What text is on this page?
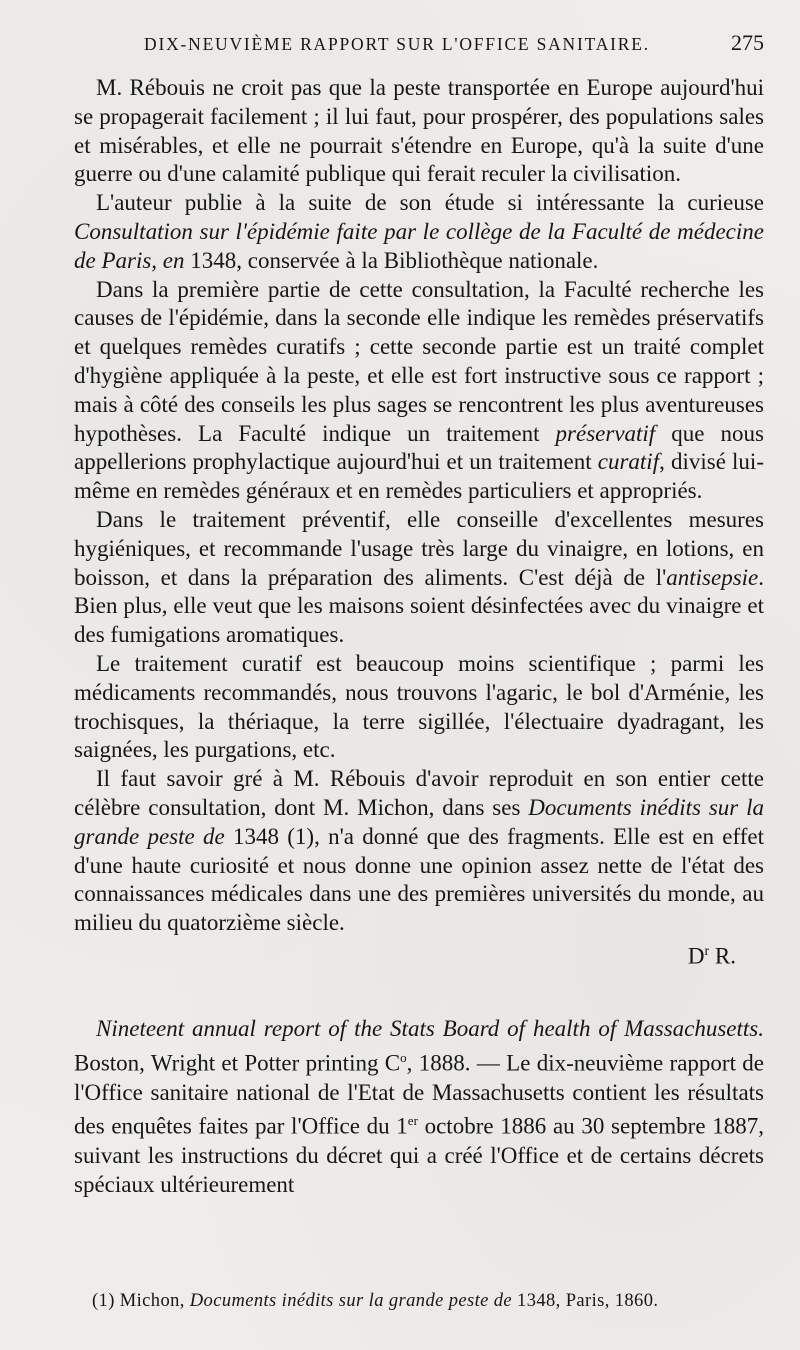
DIX-NEUVIÈME RAPPORT SUR L'OFFICE SANITAIRE.	275

M. Rébouis ne croit pas que la peste transportée en Europe aujourd'hui se propagerait facilement ; il lui faut, pour prospérer, des populations sales et misérables, et elle ne pourrait s'étendre en Europe, qu'à la suite d'une guerre ou d'une calamité publique qui ferait reculer la civilisation.

L'auteur publie à la suite de son étude si intéressante la curieuse Consultation sur l'épidémie faite par le collège de la Faculté de médecine de Paris, en 1348, conservée à la Bibliothèque nationale.

Dans la première partie de cette consultation, la Faculté recherche les causes de l'épidémie, dans la seconde elle indique les remèdes préservatifs et quelques remèdes curatifs ; cette seconde partie est un traité complet d'hygiène appliquée à la peste, et elle est fort instructive sous ce rapport ; mais à côté des conseils les plus sages se rencontrent les plus aventureuses hypothèses. La Faculté indique un traitement préservatif que nous appellerions prophylactique aujourd'hui et un traitement curatif, divisé lui-même en remèdes généraux et en remèdes particuliers et appropriés.

Dans le traitement préventif, elle conseille d'excellentes mesures hygiéniques, et recommande l'usage très large du vinaigre, en lotions, en boisson, et dans la préparation des aliments. C'est déjà de l'antisepsie. Bien plus, elle veut que les maisons soient désinfectées avec du vinaigre et des fumigations aromatiques.

Le traitement curatif est beaucoup moins scientifique ; parmi les médicaments recommandés, nous trouvons l'agaric, le bol d'Arménie, les trochisques, la thériaque, la terre sigillée, l'électuaire dyadragant, les saignées, les purgations, etc.

Il faut savoir gré à M. Rébouis d'avoir reproduit en son entier cette célèbre consultation, dont M. Michon, dans ses Documents inédits sur la grande peste de 1348 (1), n'a donné que des fragments. Elle est en effet d'une haute curiosité et nous donne une opinion assez nette de l'état des connaissances médicales dans une des premières universités du monde, au milieu du quatorzième siècle.

$D^r$ R.

Nineteent annual report of the Stats Board of health of Massachusetts. Boston, Wright et Potter printing $C^o$, 1888. — Le dix-neuvième rapport de l'Office sanitaire national de l'Etat de Massachusetts contient les résultats des enquêtes faites par l'Office du 1er octobre 1886 au 30 septembre 1887, suivant les instructions du décret qui a créé l'Office et de certains décrets spéciaux ultérieurement

(1) Michon, Documents inédits sur la grande peste de 1348, Paris, 1860.
